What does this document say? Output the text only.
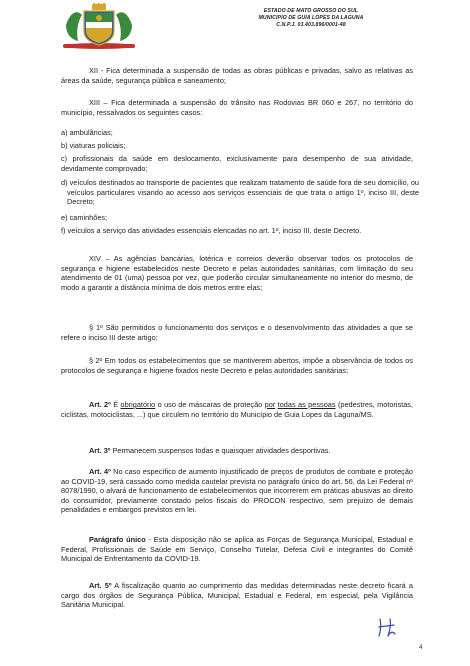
ESTADO DE MATO GROSSO DO SUL
MUNICIPIO DE GUIA LOPES DA LAGUNA
C.N.P.J. 03.403.896/0001-48
XII - Fica determinada a suspensão de todas as obras públicas e privadas, salvo as relativas as áreas da saúde, segurança pública e saneamento;
XIII – Fica determinada a suspensão do trânsito nas Rodovias BR 060 e 267, no território do município, ressalvados os seguintes casos:
a) ambulâncias;
b) viaturas policiais;
c) profissionais da saúde em deslocamento, exclusivamente para desempenho de sua atividade, devidamente comprovado;
d) veículos destinados ao transporte de pacientes que realizam tratamento de saúde fora de seu domicílio, ou veículos particulares visando ao acesso aos serviços essenciais de que trata o artigo 1º, inciso III, deste Decreto;
e) caminhões;
f) veículos a serviço das atividades essenciais elencadas no art. 1º, inciso III, deste Decreto.
XIV – As agências bancárias, lotérica e correios deverão observar todos os protocolos de segurança e higiene estabelecidos neste Decreto e pelas autoridades sanitárias, com limitação do seu atendimento de 01 (uma) pessoa por vez, que poderão circular simultaneamente no interior do mesmo, de modo a garantir a distância mínima de dois metros entre elas;
§ 1º São permitidos o funcionamento dos serviços e o desenvolvimento das atividades a que se refere o inciso III deste artigo;
§ 2º Em todos os estabelecimentos que se mantiverem abertos, impõe a observância de todos os protocolos de segurança e higiene fixados neste Decreto e pelas autoridades sanitárias;
Art. 2º É obrigatório o uso de máscaras de proteção por todas as pessoas (pedestres, motoristas, ciclistas, motociclistas, ...) que circulem no território do Município de Guia Lopes da Laguna/MS.
Art. 3º Permanecem suspensos todas e quaisquer atividades desportivas.
Art. 4º No caso específico de aumento injustificado de preços de produtos de combate e proteção ao COVID-19, será cassado como medida cautelar prevista no parágrafo único do art. 56, da Lei Federal nº 8078/1990, o alvará de funcionamento de estabelecimentos que incorrerem em práticas abusivas ao direito do consumidor, previamente constado pelos fiscais do PROCON respectivo, sem prejuízo de demais penalidades e embargos previstos em lei.
Parágrafo único - Esta disposição não se aplica as Forças de Segurança Municipal, Estadual e Federal, Profissionais de Saúde em Serviço, Conselho Tutelar, Defesa Civil e integrantes do Comitê Municipal de Enfrentamento da COVID-19.
Art. 5º A fiscalização quanto ao cumprimento das medidas determinadas neste decreto ficará a cargo dos órgãos de Segurança Pública, Municipal, Estadual e Federal, em especial, pela Vigilância Sanitária Municipal.
4
